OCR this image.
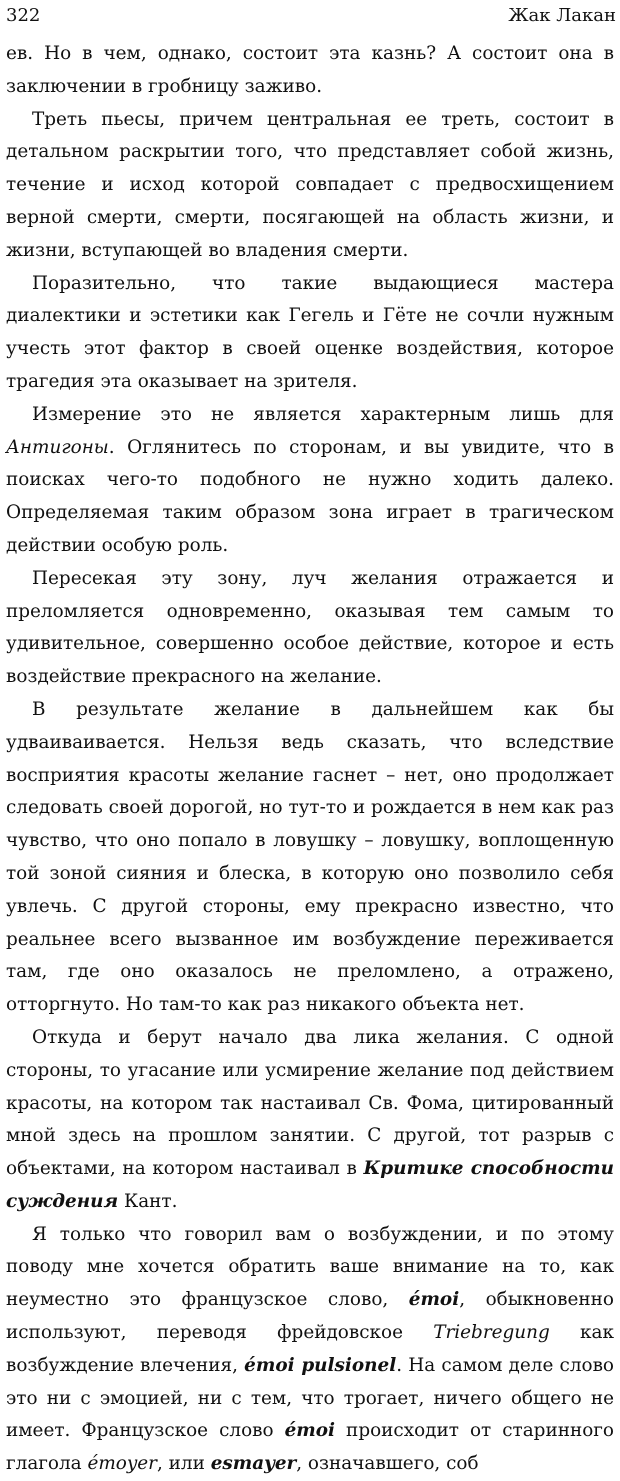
322	Жак Лакан

ев. Но в чем, однако, состоит эта казнь? А состоит она в заключении в гробницу заживо.

Треть пьесы, причем центральная ее треть, состоит в детальном раскрытии того, что представляет собой жизнь, течение и исход которой совпадает с предвосхищением верной смерти, смерти, посягающей на область жизни, и жизни, вступающей во владения смерти.

Поразительно, что такие выдающиеся мастера диалектики и эстетики как Гегель и Гёте не сочли нужным учесть этот фактор в своей оценке воздействия, которое трагедия эта оказывает на зрителя.

Измерение это не является характерным лишь для Антигоны. Оглянитесь по сторонам, и вы увидите, что в поисках чего-то подобного не нужно ходить далеко. Определяемая таким образом зона играет в трагическом действии особую роль.

Пересекая эту зону, луч желания отражается и преломляется одновременно, оказывая тем самым то удивительное, совершенно особое действие, которое и есть воздействие прекрасного на желание.

В результате желание в дальнейшем как бы удваиваивается. Нельзя ведь сказать, что вследствие восприятия красоты желание гаснет – нет, оно продолжает следовать своей дорогой, но тут-то и рождается в нем как раз чувство, что оно попало в ловушку – ловушку, воплощенную той зоной сияния и блеска, в которую оно позволило себя увлечь. С другой стороны, ему прекрасно известно, что реальнее всего вызванное им возбуждение переживается там, где оно оказалось не преломлено, а отражено, отторгнуто. Но там-то как раз никакого объекта нет.

Откуда и берут начало два лика желания. С одной стороны, то угасание или усмирение желание под действием красоты, на котором так настаивал Св. Фома, цитированный мной здесь на прошлом занятии. С другой, тот разрыв с объектами, на котором настаивал в Критике способности суждения Кант.

Я только что говорил вам о возбуждении, и по этому поводу мне хочется обратить ваше внимание на то, как неуместно это французское слово, émoi, обыкновенно используют, переводя фрейдовское Triebregung как возбуждение влечения, émoi pulsionel. На самом деле слово это ни с эмоцией, ни с тем, что трогает, ничего общего не имеет. Французское слово émoi происходит от старинного глагола émoyer, или esmayer, означавшего, соб
